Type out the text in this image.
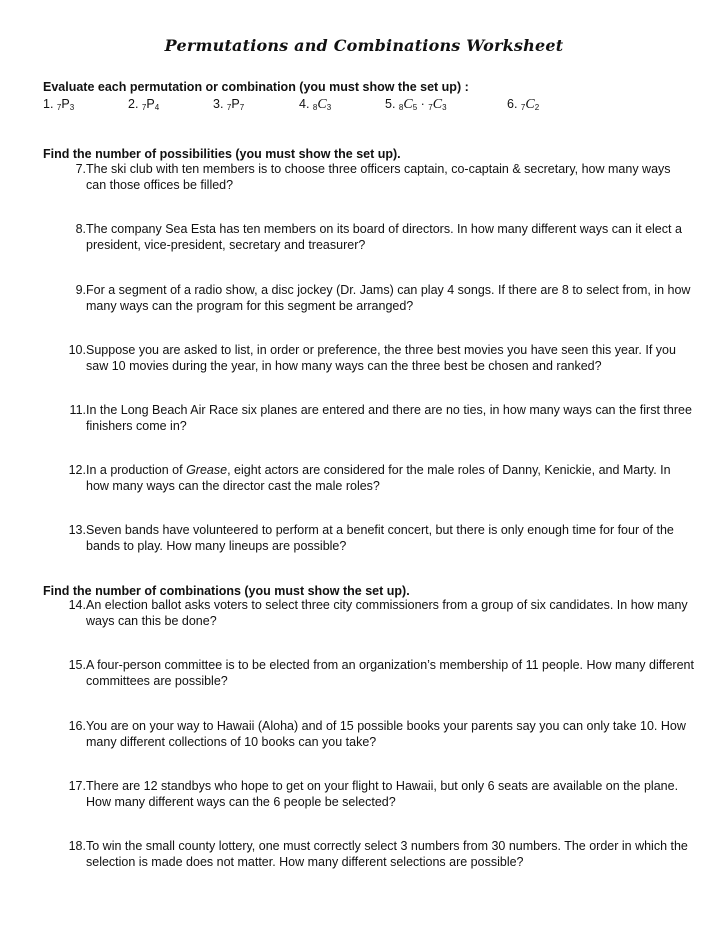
Permutations and Combinations Worksheet
Evaluate each permutation or combination (you must show the set up) :
1. $_7P_3$	2. $_7P_4$	3. $_7P_7$	4. $_8C_3$	5. $_8C_5 \cdot _7C_3$	6. $_7C_2$
Find the number of possibilities (you must show the set up).
7. The ski club with ten members is to choose three officers captain, co-captain & secretary, how many ways can those offices be filled?
8. The company Sea Esta has ten members on its board of directors. In how many different ways can it elect a president, vice-president, secretary and treasurer?
9. For a segment of a radio show, a disc jockey (Dr. Jams) can play 4 songs. If there are 8 to select from, in how many ways can the program for this segment be arranged?
10. Suppose you are asked to list, in order or preference, the three best movies you have seen this year. If you saw 10 movies during the year, in how many ways can the three best be chosen and ranked?
11. In the Long Beach Air Race six planes are entered and there are no ties, in how many ways can the first three finishers come in?
12. In a production of Grease, eight actors are considered for the male roles of Danny, Kenickie, and Marty. In how many ways can the director cast the male roles?
13. Seven bands have volunteered to perform at a benefit concert, but there is only enough time for four of the bands to play. How many lineups are possible?
Find the number of combinations (you must show the set up).
14. An election ballot asks voters to select three city commissioners from a group of six candidates. In how many ways can this be done?
15. A four-person committee is to be elected from an organization’s membership of 11 people. How many different committees are possible?
16. You are on your way to Hawaii (Aloha) and of 15 possible books your parents say you can only take 10. How many different collections of 10 books can you take?
17. There are 12 standbys who hope to get on your flight to Hawaii, but only 6 seats are available on the plane. How many different ways can the 6 people be selected?
18. To win the small county lottery, one must correctly select 3 numbers from 30 numbers. The order in which the selection is made does not matter. How many different selections are possible?
